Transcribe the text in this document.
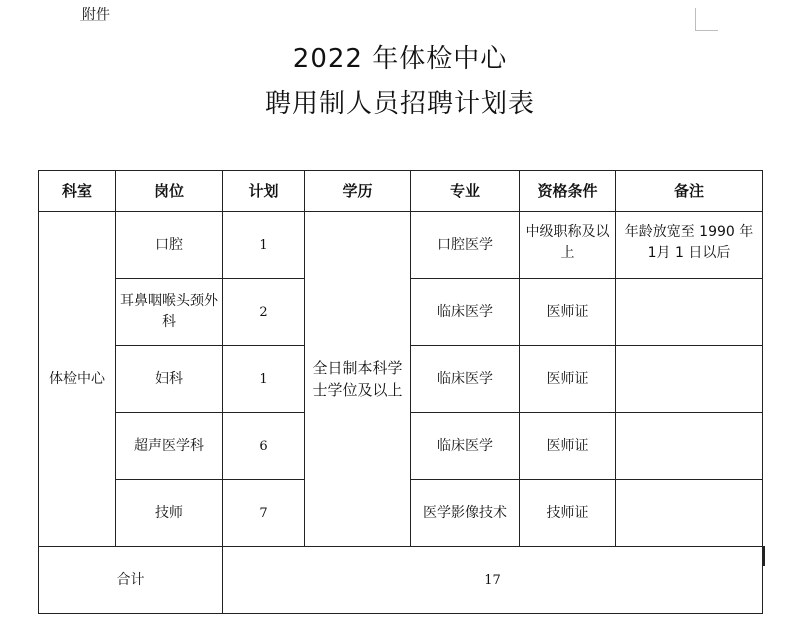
附件
2022 年体检中心
聘用制人员招聘计划表
科室	岗位	计划	学历	专业	资格条件	备注
体检中心	口腔	1	全日制本科学士学位及以上	口腔医学	中级职称及以上	年龄放宽至 1990 年 1月 1 日以后
	耳鼻咽喉头颈外科	2		临床医学	医师证	
	妇科	1		临床医学	医师证	
	超声医学科	6		临床医学	医师证	
	技师	7		医学影像技术	技师证	
合计		17				
